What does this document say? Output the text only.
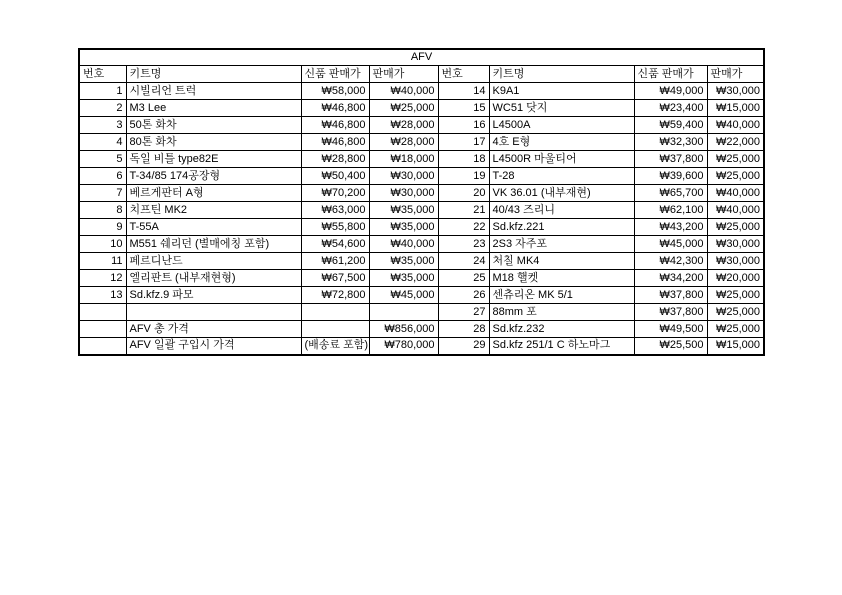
AFV							
번호	키트명	신품 판매가	판매가	번호	키트명	신품 판매가	판매가
1	시빌리언 트럭	₩58,000	₩40,000	14	K9A1	₩49,000	₩30,000
2	M3 Lee	₩46,800	₩25,000	15	WC51 닷지	₩23,400	₩15,000
3	50톤 화차	₩46,800	₩28,000	16	L4500A	₩59,400	₩40,000
4	80톤 화차	₩46,800	₩28,000	17	4호 E형	₩32,300	₩22,000
5	독일 비틀 type82E	₩28,800	₩18,000	18	L4500R 마울티어	₩37,800	₩25,000
6	T-34/85 174공장형	₩50,400	₩30,000	19	T-28	₩39,600	₩25,000
7	베르게판터 A형	₩70,200	₩30,000	20	VK 36.01 (내부재현)	₩65,700	₩40,000
8	치프틴 MK2	₩63,000	₩35,000	21	40/43 즈리니	₩62,100	₩40,000
9	T-55A	₩55,800	₩35,000	22	Sd.kfz.221	₩43,200	₩25,000
10	M551 쉐리던 (별매에칭 포함)	₩54,600	₩40,000	23	2S3 자주포	₩45,000	₩30,000
11	페르디난드	₩61,200	₩35,000	24	처칠 MK4	₩42,300	₩30,000
12	엘리판트 (내부재현형)	₩67,500	₩35,000	25	M18 핼켓	₩34,200	₩20,000
13	Sd.kfz.9 파모	₩72,800	₩45,000	26	센츄리온 MK 5/1	₩37,800	₩25,000
				27	88mm 포	₩37,800	₩25,000
	AFV 총 가격		₩856,000	28	Sd.kfz.232	₩49,500	₩25,000
	AFV 일괄 구입시 가격	(배송료 포함)	₩780,000	29	Sd.kfz 251/1 C 하노마그	₩25,500	₩15,000
